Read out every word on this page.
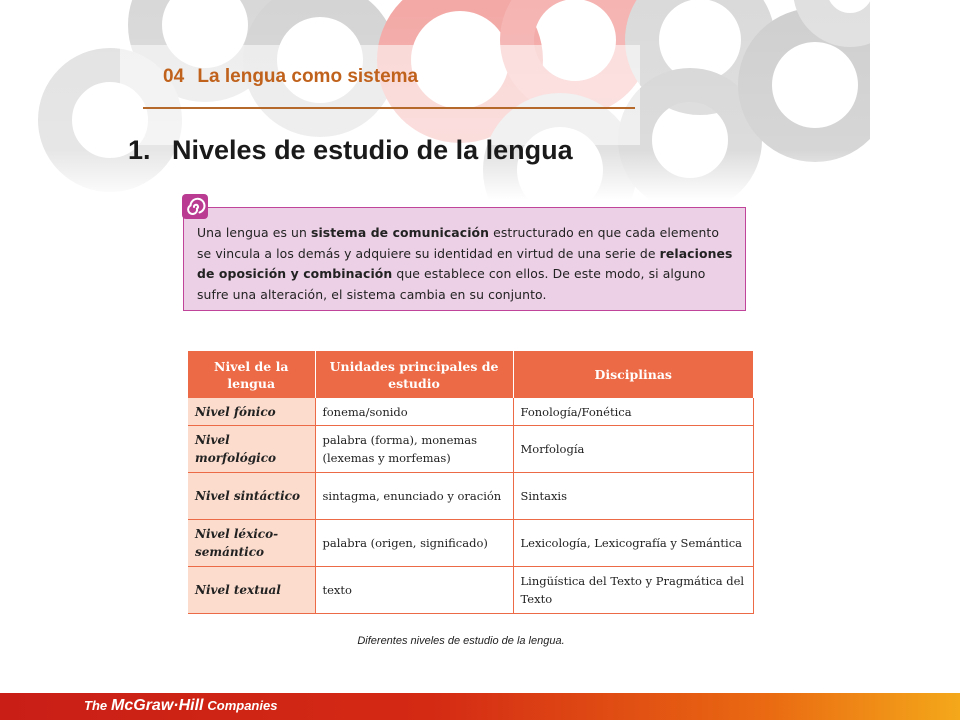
04 La lengua como sistema
1. Niveles de estudio de la lengua
Una lengua es un sistema de comunicación estructurado en que cada elemento se vincula a los demás y adquiere su identidad en virtud de una serie de relaciones de oposición y combinación que establece con ellos. De este modo, si alguno sufre una alteración, el sistema cambia en su conjunto.
Nivel de la lengua	Unidades principales de estudio	Disciplinas
Nivel fónico	fonema/sonido	Fonología/Fonética
Nivel morfológico	palabra (forma), monemas (lexemas y morfemas)	Morfología
Nivel sintáctico	sintagma, enunciado y oración	Sintaxis
Nivel léxico-semántico	palabra (origen, significado)	Lexicología, Lexicografía y Semántica
Nivel textual	texto	Lingüística del Texto y Pragmática del Texto
Diferentes niveles de estudio de la lengua.
The McGraw·Hill Companies
